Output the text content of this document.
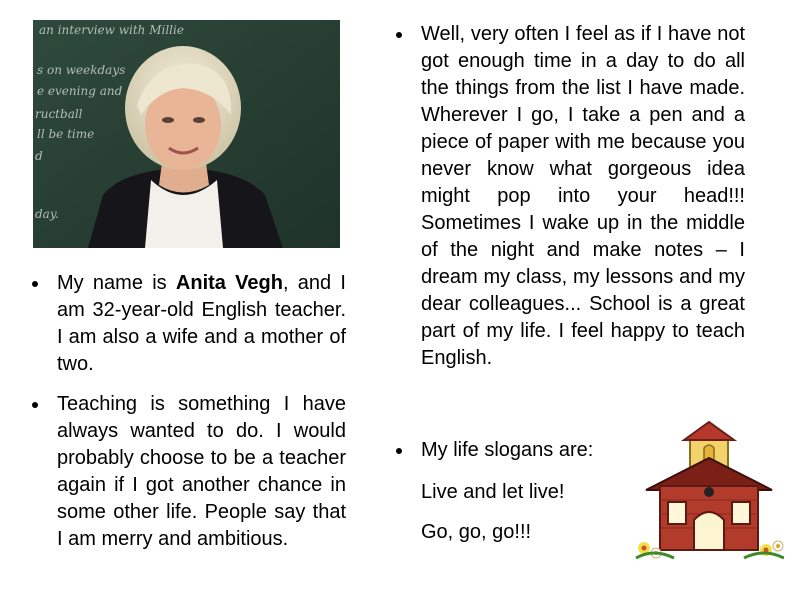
an interview with Millie
s on weekdays
e evening and
ructball
ll be time
d
day.

My name is Anita Vegh, and I am 32-year-old English teacher. I am also a wife and a mother of two.

Teaching is something I have always wanted to do. I would probably choose to be a teacher again if I got another chance in some other life. People say that I am merry and ambitious.

Well, very often I feel as if I have not got enough time in a day to do all the things from the list I have made. Wherever I go, I take a pen and a piece of paper with me because you never know what gorgeous idea might pop into your head!!! Sometimes I wake up in the middle of the night and make notes – I dream my class, my lessons and my dear colleagues... School is a great part of my life. I feel happy to teach English.

My life slogans are:

Live and let live!

Go, go, go!!!
